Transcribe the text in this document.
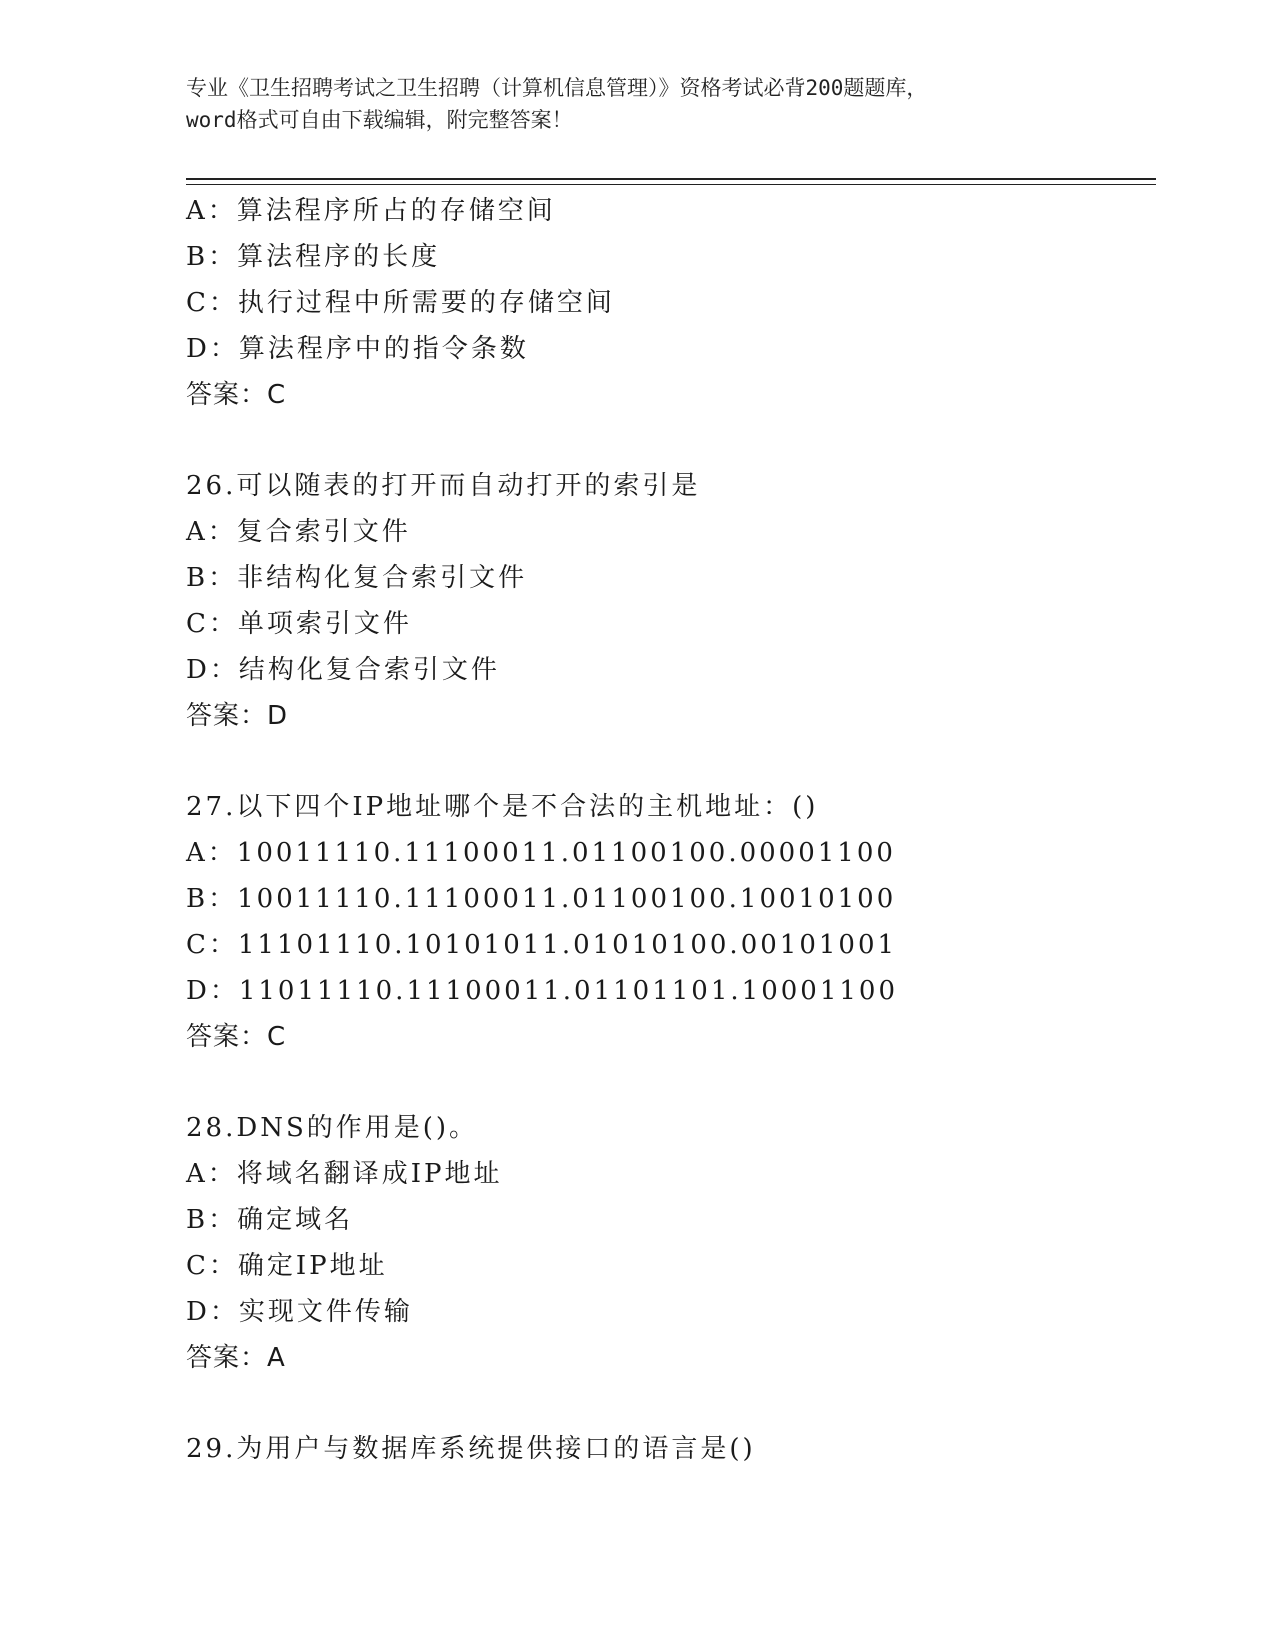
专业《卫生招聘考试之卫生招聘（计算机信息管理）》资格考试必背200题题库，
word格式可自由下载编辑，附完整答案！
A：算法程序所占的存储空间
B：算法程序的长度
C：执行过程中所需要的存储空间
D：算法程序中的指令条数
答案：C
26.可以随表的打开而自动打开的索引是
A：复合索引文件
B：非结构化复合索引文件
C：单项索引文件
D：结构化复合索引文件
答案：D
27.以下四个IP地址哪个是不合法的主机地址：()
A：10011110.11100011.01100100.00001100
B：10011110.11100011.01100100.10010100
C：11101110.10101011.01010100.00101001
D：11011110.11100011.01101101.10001100
答案：C
28.DNS的作用是()。
A：将域名翻译成IP地址
B：确定域名
C：确定IP地址
D：实现文件传输
答案：A
29.为用户与数据库系统提供接口的语言是()
